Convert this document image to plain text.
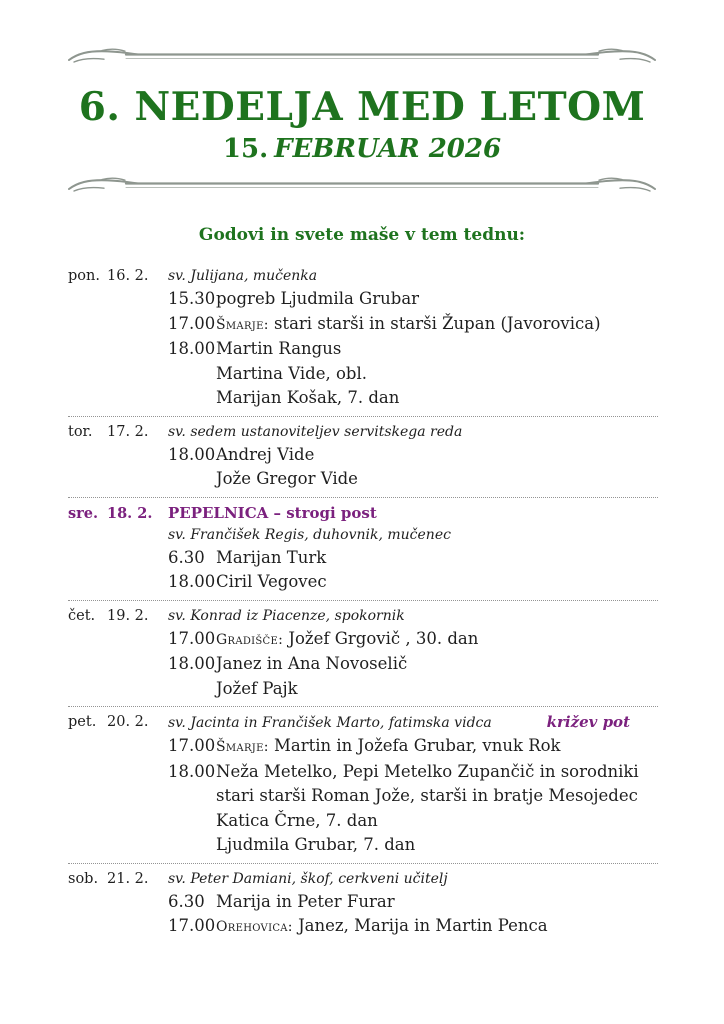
6. NEDELJA MED LETOM
15. FEBRUAR 2026
Godovi in svete maše v tem tednu:
pon. 16. 2.	sv. Julijana, mučenka
15.30 pogreb Ljudmila Grubar
17.00 Šmarje: stari starši in starši Župan (Javorovica)
18.00 Martin Rangus
Martina Vide, obl.
Marijan Košak, 7. dan
tor. 17. 2.	sv. sedem ustanoviteljev servitskega reda
18.00 Andrej Vide
Jože Gregor Vide
sre. 18. 2.	PEPELNICA – strogi post
sv. Frančišek Regis, duhovnik, mučenec
6.30 Marijan Turk
18.00 Ciril Vegovec
čet. 19. 2.	sv. Konrad iz Piacenze, spokornik
17.00 Gradišče: Jožef Grgovič , 30. dan
18.00 Janez in Ana Novoselič
Jožef Pajk
pet. 20. 2.	sv. Jacinta in Frančišek Marto, fatimska vidca	križev pot
17.00 Šmarje: Martin in Jožefa Grubar, vnuk Rok
18.00 Neža Metelko, Pepi Metelko Zupančič in sorodniki
stari starši Roman Jože, starši in bratje Mesojedec
Katica Črne, 7. dan
Ljudmila Grubar, 7. dan
sob. 21. 2.	sv. Peter Damiani, škof, cerkveni učitelj
6.30 Marija in Peter Furar
17.00 Orehovica: Janez, Marija in Martin Penca
